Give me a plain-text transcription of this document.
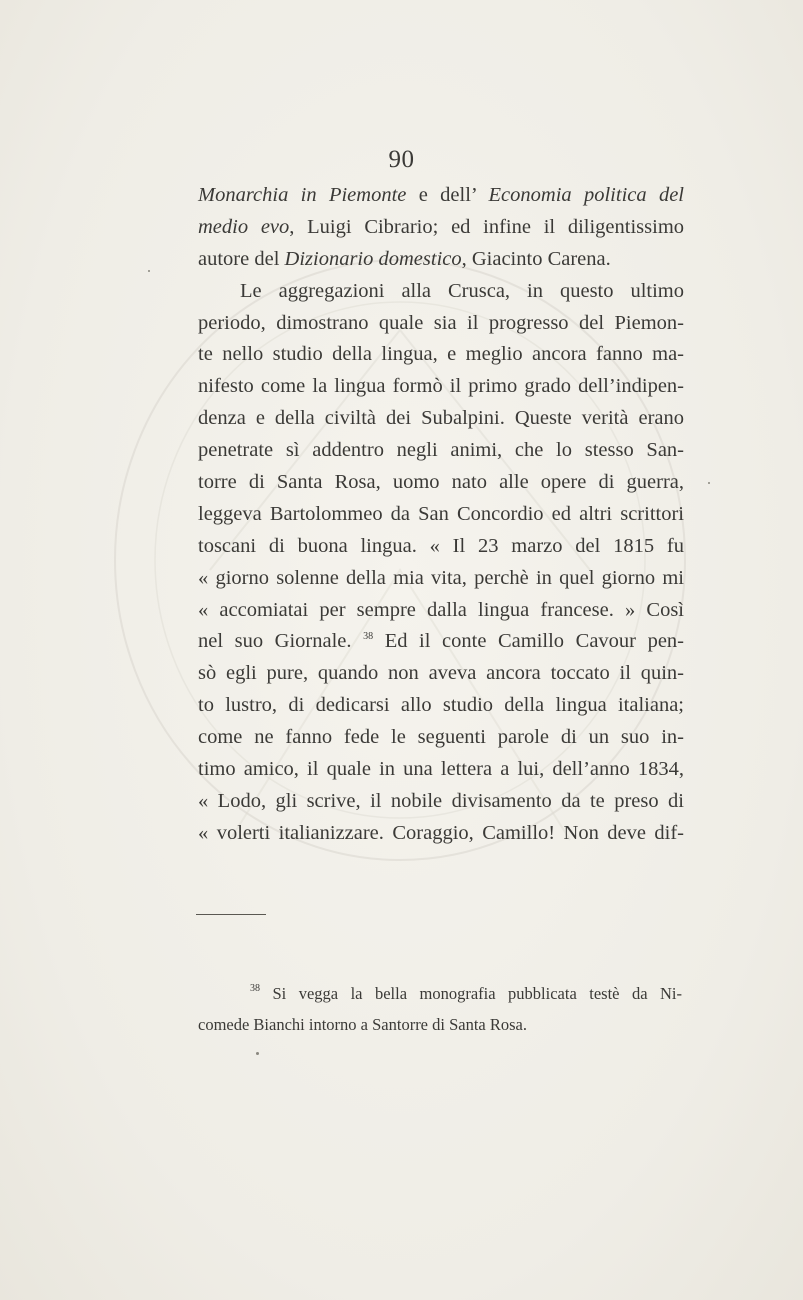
90
Monarchia in Piemonte e dell’ Economia politica del
medio evo, Luigi Cibrario; ed infine il diligentissimo
autore del Dizionario domestico, Giacinto Carena.
Le aggregazioni alla Crusca, in questo ultimo
periodo, dimostrano quale sia il progresso del Piemon-
te nello studio della lingua, e meglio ancora fanno ma-
nifesto come la lingua formò il primo grado dell’indipen-
denza e della civiltà dei Subalpini. Queste verità erano
penetrate sì addentro negli animi, che lo stesso San-
torre di Santa Rosa, uomo nato alle opere di guerra,
leggeva Bartolommeo da San Concordio ed altri scrittori
toscani di buona lingua. « Il 23 marzo del 1815 fu
« giorno solenne della mia vita, perchè in quel giorno mi
« accomiatai per sempre dalla lingua francese. » Così
nel suo Giornale. $^{38}$ Ed il conte Camillo Cavour pen-
sò egli pure, quando non aveva ancora toccato il quin-
to lustro, di dedicarsi allo studio della lingua italiana;
come ne fanno fede le seguenti parole di un suo in-
timo amico, il quale in una lettera a lui, dell’anno 1834,
« Lodo, gli scrive, il nobile divisamento da te preso di
« volerti italianizzare. Coraggio, Camillo! Non deve dif-
$^{38}$ Si vegga la bella monografia pubblicata testè da Ni-
comede Bianchi intorno a Santorre di Santa Rosa.
